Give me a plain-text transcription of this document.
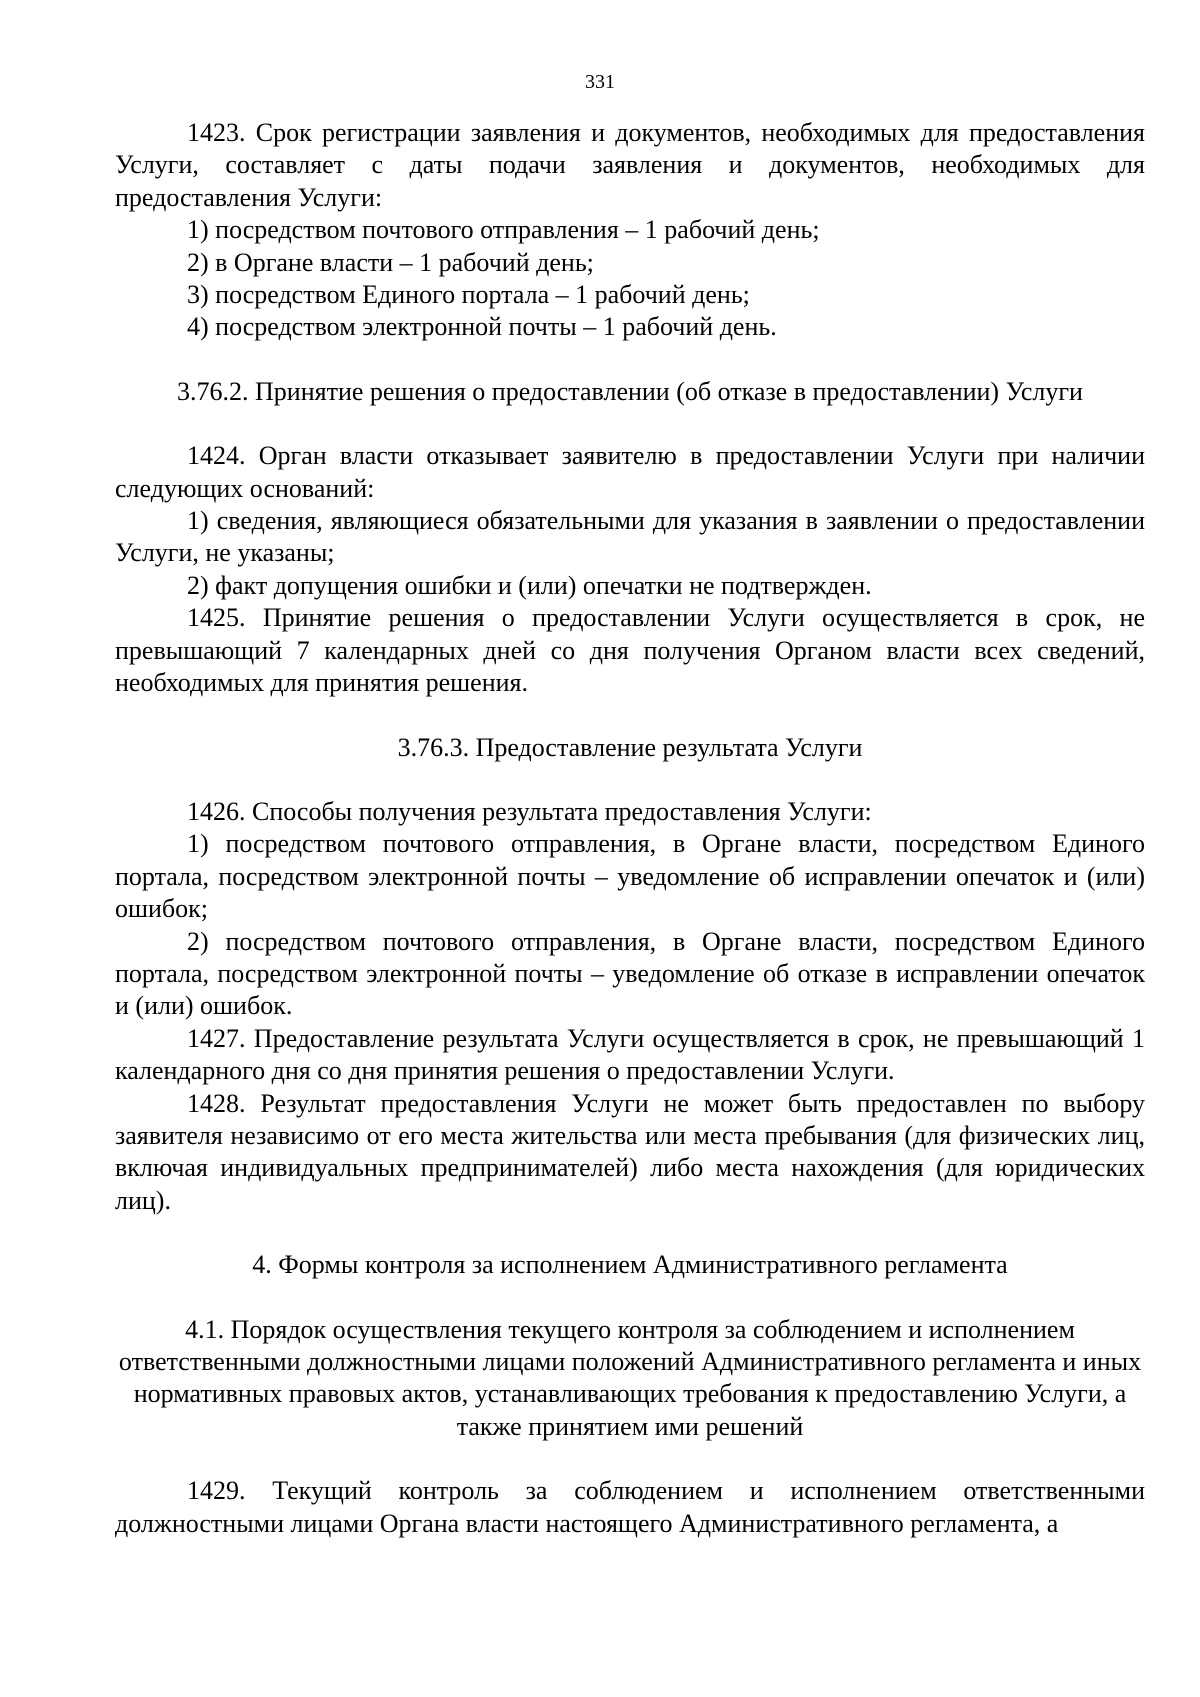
331

1423. Срок регистрации заявления и документов, необходимых для предоставления Услуги, составляет с даты подачи заявления и документов, необходимых для предоставления Услуги:

1) посредством почтового отправления – 1 рабочий день;

2) в Органе власти – 1 рабочий день;

3) посредством Единого портала – 1 рабочий день;

4) посредством электронной почты – 1 рабочий день.

3.76.2. Принятие решения о предоставлении (об отказе в предоставлении) Услуги

1424. Орган власти отказывает заявителю в предоставлении Услуги при наличии следующих оснований:

1) сведения, являющиеся обязательными для указания в заявлении о предоставлении Услуги, не указаны;

2) факт допущения ошибки и (или) опечатки не подтвержден.

1425. Принятие решения о предоставлении Услуги осуществляется в срок, не превышающий 7 календарных дней со дня получения Органом власти всех сведений, необходимых для принятия решения.

3.76.3. Предоставление результата Услуги

1426. Способы получения результата предоставления Услуги:

1) посредством почтового отправления, в Органе власти, посредством Единого портала, посредством электронной почты – уведомление об исправлении опечаток и (или) ошибок;

2) посредством почтового отправления, в Органе власти, посредством Единого портала, посредством электронной почты – уведомление об отказе в исправлении опечаток и (или) ошибок.

1427. Предоставление результата Услуги осуществляется в срок, не превышающий 1 календарного дня со дня принятия решения о предоставлении Услуги.

1428. Результат предоставления Услуги не может быть предоставлен по выбору заявителя независимо от его места жительства или места пребывания (для физических лиц, включая индивидуальных предпринимателей) либо места нахождения (для юридических лиц).

4. Формы контроля за исполнением Административного регламента

4.1. Порядок осуществления текущего контроля за соблюдением и исполнением ответственными должностными лицами положений Административного регламента и иных нормативных правовых актов, устанавливающих требования к предоставлению Услуги, а также принятием ими решений

1429. Текущий контроль за соблюдением и исполнением ответственными должностными лицами Органа власти настоящего Административного регламента, а
